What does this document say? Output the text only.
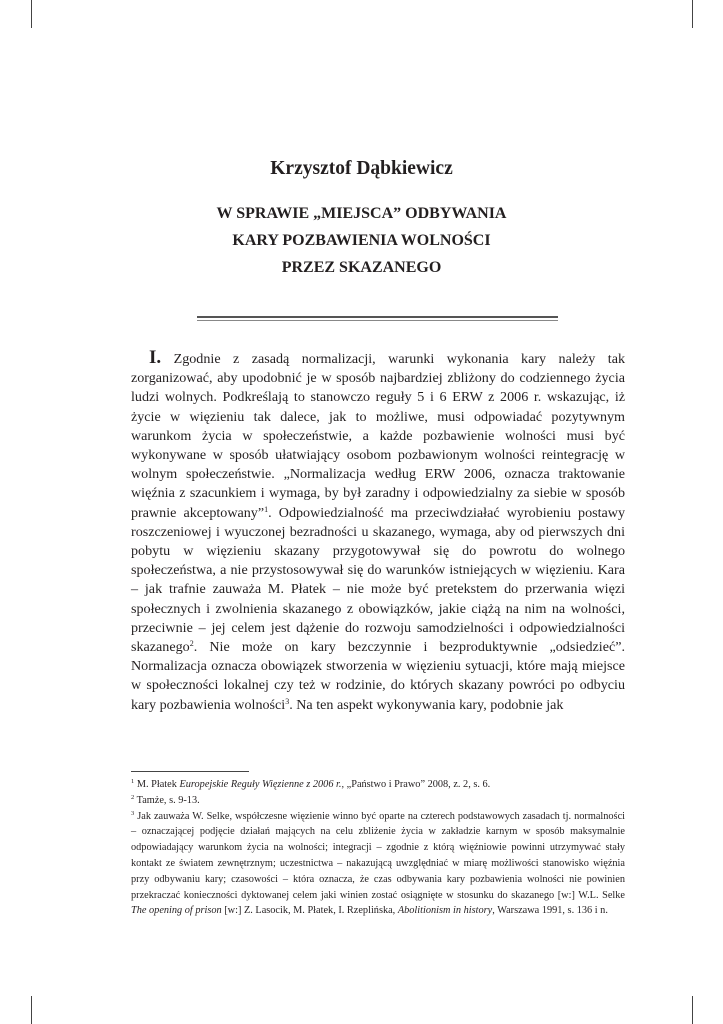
Krzysztof Dąbkiewicz
W SPRAWIE „MIEJSCA” ODBYWANIA
KARY POZBAWIENIA WOLNOŚCI
PRZEZ SKAZANEGO
I. Zgodnie z zasadą normalizacji, warunki wykonania kary należy tak zorganizować, aby upodobnić je w sposób najbardziej zbliżony do codziennego życia ludzi wolnych. Podkreślają to stanowczo reguły 5 i 6 ERW z 2006 r. wskazując, iż życie w więzieniu tak dalece, jak to możliwe, musi odpowiadać pozytywnym warunkom życia w społeczeństwie, a każde pozbawienie wolności musi być wykonywane w sposób ułatwiający osobom pozbawionym wolności reintegrację w wolnym społeczeństwie. „Normalizacja według ERW 2006, oznacza traktowanie więźnia z szacunkiem i wymaga, by był zaradny i odpowiedzialny za siebie w sposób prawnie akceptowany”$^1$. Odpowiedzialność ma przeciwdziałać wyrobieniu postawy roszczeniowej i wyuczonej bezradności u skazanego, wymaga, aby od pierwszych dni pobytu w więzieniu skazany przygotowywał się do powrotu do wolnego społeczeństwa, a nie przystosowywał się do warunków istniejących w więzieniu. Kara – jak trafnie zauważa M. Płatek – nie może być pretekstem do przerwania więzi społecznych i zwolnienia skazanego z obowiązków, jakie ciążą na nim na wolności, przeciwnie – jej celem jest dążenie do rozwoju samodzielności i odpowiedzialności skazanego$^2$. Nie może on kary bezczynnie i bezproduktywnie „odsiedzieć”. Normalizacja oznacza obowiązek stworzenia w więzieniu sytuacji, które mają miejsce w społeczności lokalnej czy też w rodzinie, do których skazany powróci po odbyciu kary pozbawienia wolności$^3$. Na ten aspekt wykonywania kary, podobnie jak

$^1$ M. Płatek Europejskie Reguły Więzienne z 2006 r., „Państwo i Prawo” 2008, z. 2, s. 6.

$^2$ Tamże, s. 9-13.

$^3$ Jak zauważa W. Selke, współczesne więzienie winno być oparte na czterech podstawowych zasadach tj. normalności – oznaczającej podjęcie działań mających na celu zbliżenie życia w zakładzie karnym w sposób maksymalnie odpowiadający warunkom życia na wolności; integracji – zgodnie z którą więźniowie powinni utrzymywać stały kontakt ze światem zewnętrznym; uczestnictwa – nakazującą uwzględniać w miarę możliwości stanowisko więźnia przy odbywaniu kary; czasowości – która oznacza, że czas odbywania kary pozbawienia wolności nie powinien przekraczać konieczności dyktowanej celem jaki winien zostać osiągnięte w stosunku do skazanego [w:] W.L. Selke The opening of prison [w:] Z. Lasocik, M. Płatek, I. Rzeplińska, Abolitionism in history, Warszawa 1991, s. 136 i n.
